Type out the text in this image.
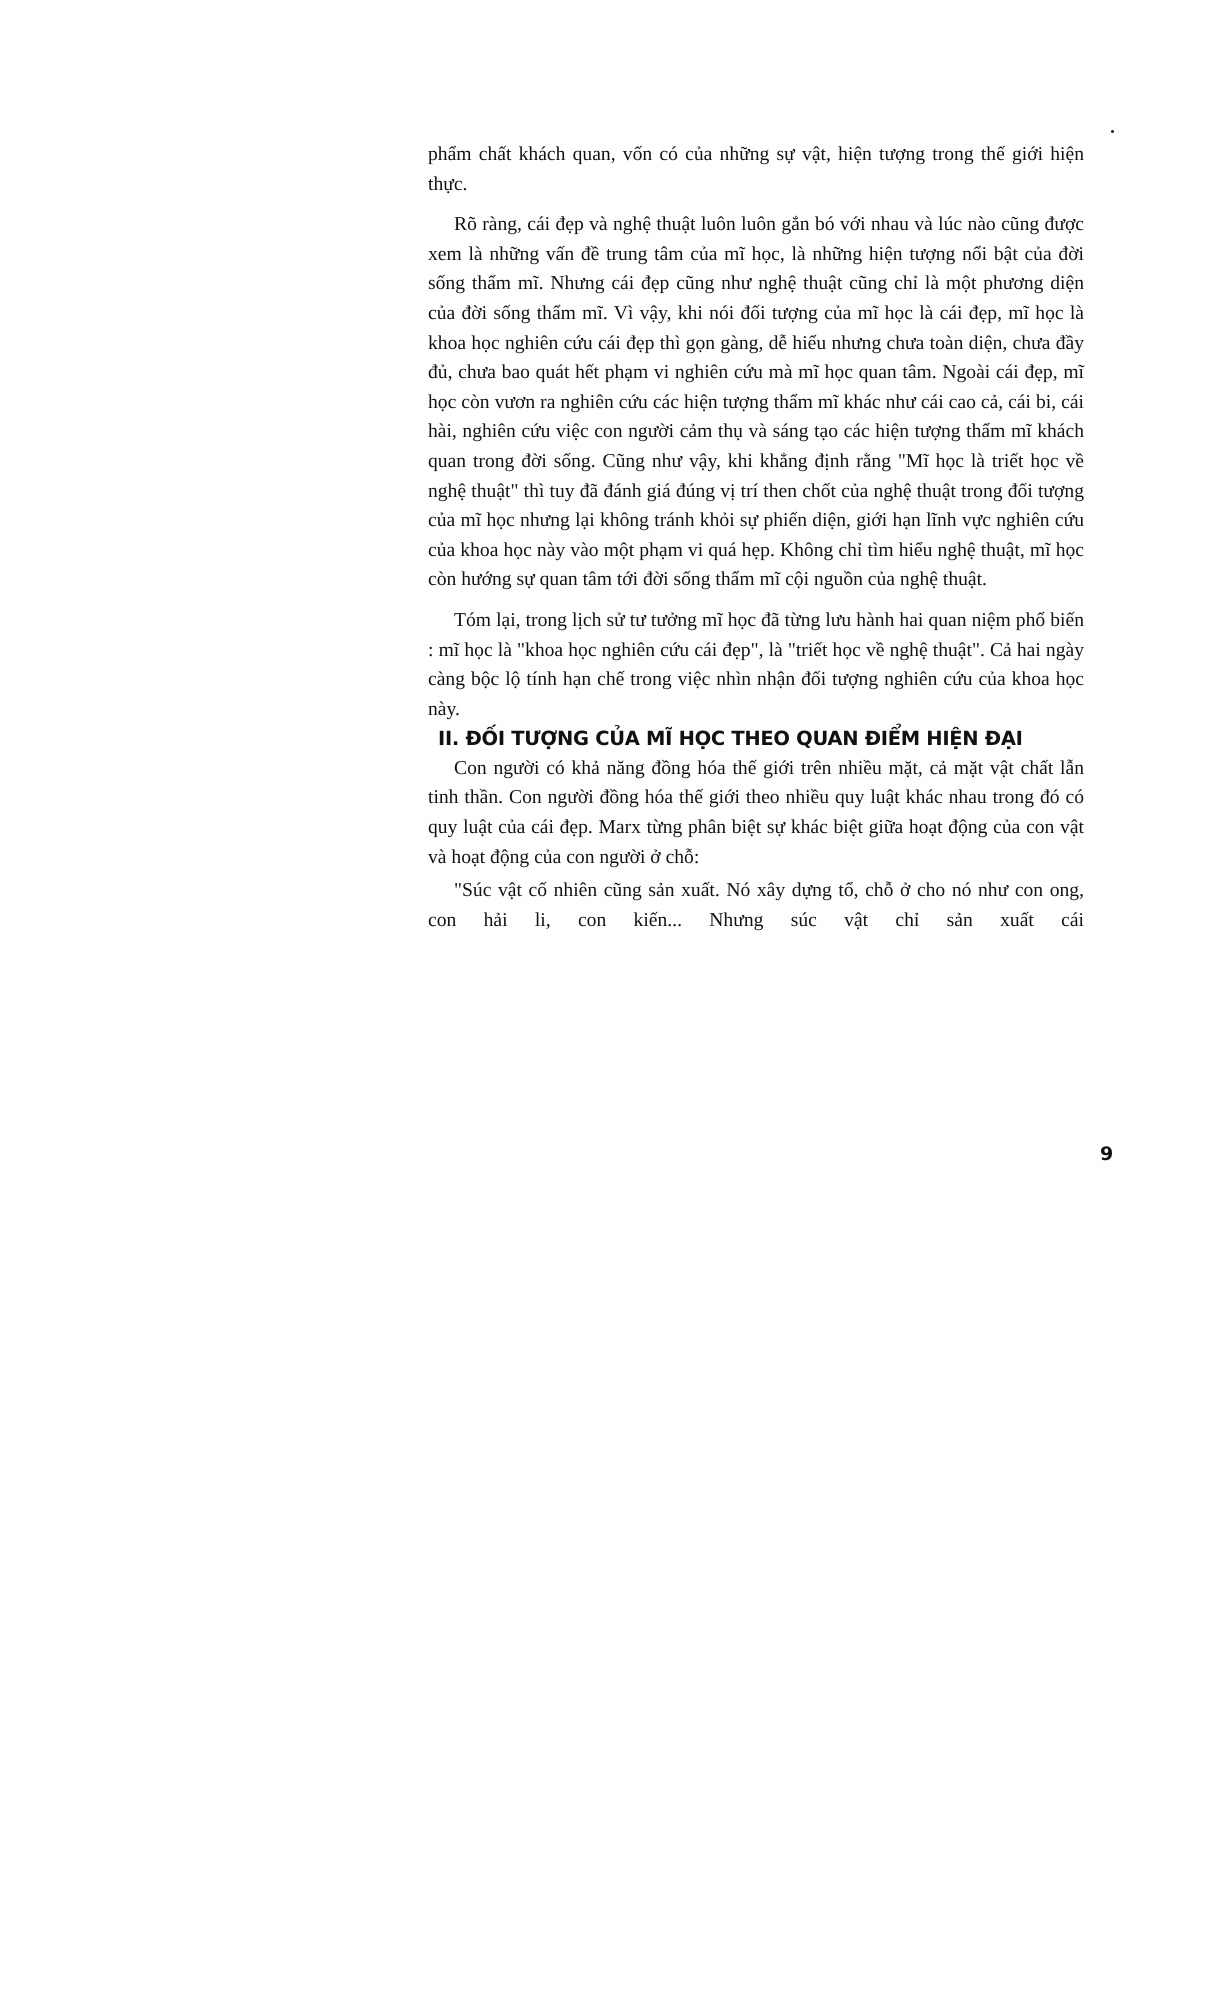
phẩm chất khách quan, vốn có của những sự vật, hiện tượng trong thế giới hiện thực.

Rõ ràng, cái đẹp và nghệ thuật luôn luôn gắn bó với nhau và lúc nào cũng được xem là những vấn đề trung tâm của mĩ học, là những hiện tượng nổi bật của đời sống thẩm mĩ. Nhưng cái đẹp cũng như nghệ thuật cũng chỉ là một phương diện của đời sống thẩm mĩ. Vì vậy, khi nói đối tượng của mĩ học là cái đẹp, mĩ học là khoa học nghiên cứu cái đẹp thì gọn gàng, dễ hiểu nhưng chưa toàn diện, chưa đầy đủ, chưa bao quát hết phạm vi nghiên cứu mà mĩ học quan tâm. Ngoài cái đẹp, mĩ học còn vươn ra nghiên cứu các hiện tượng thẩm mĩ khác như cái cao cả, cái bi, cái hài, nghiên cứu việc con người cảm thụ và sáng tạo các hiện tượng thẩm mĩ khách quan trong đời sống. Cũng như vậy, khi khẳng định rằng "Mĩ học là triết học về nghệ thuật" thì tuy đã đánh giá đúng vị trí then chốt của nghệ thuật trong đối tượng của mĩ học nhưng lại không tránh khỏi sự phiến diện, giới hạn lĩnh vực nghiên cứu của khoa học này vào một phạm vi quá hẹp. Không chỉ tìm hiểu nghệ thuật, mĩ học còn hướng sự quan tâm tới đời sống thẩm mĩ cội nguồn của nghệ thuật.

Tóm lại, trong lịch sử tư tưởng mĩ học đã từng lưu hành hai quan niệm phổ biến : mĩ học là "khoa học nghiên cứu cái đẹp", là "triết học về nghệ thuật". Cả hai ngày càng bộc lộ tính hạn chế trong việc nhìn nhận đối tượng nghiên cứu của khoa học này.

II. ĐỐI TƯỢNG CỦA MĨ HỌC THEO QUAN ĐIỂM HIỆN ĐẠI

Con người có khả năng đồng hóa thế giới trên nhiều mặt, cả mặt vật chất lẫn tinh thần. Con người đồng hóa thế giới theo nhiều quy luật khác nhau trong đó có quy luật của cái đẹp. Marx từng phân biệt sự khác biệt giữa hoạt động của con vật và hoạt động của con người ở chỗ:

"Súc vật cố nhiên cũng sản xuất. Nó xây dựng tổ, chỗ ở cho nó như con ong, con hải li, con kiến... Nhưng súc vật chỉ sản xuất cái

9
